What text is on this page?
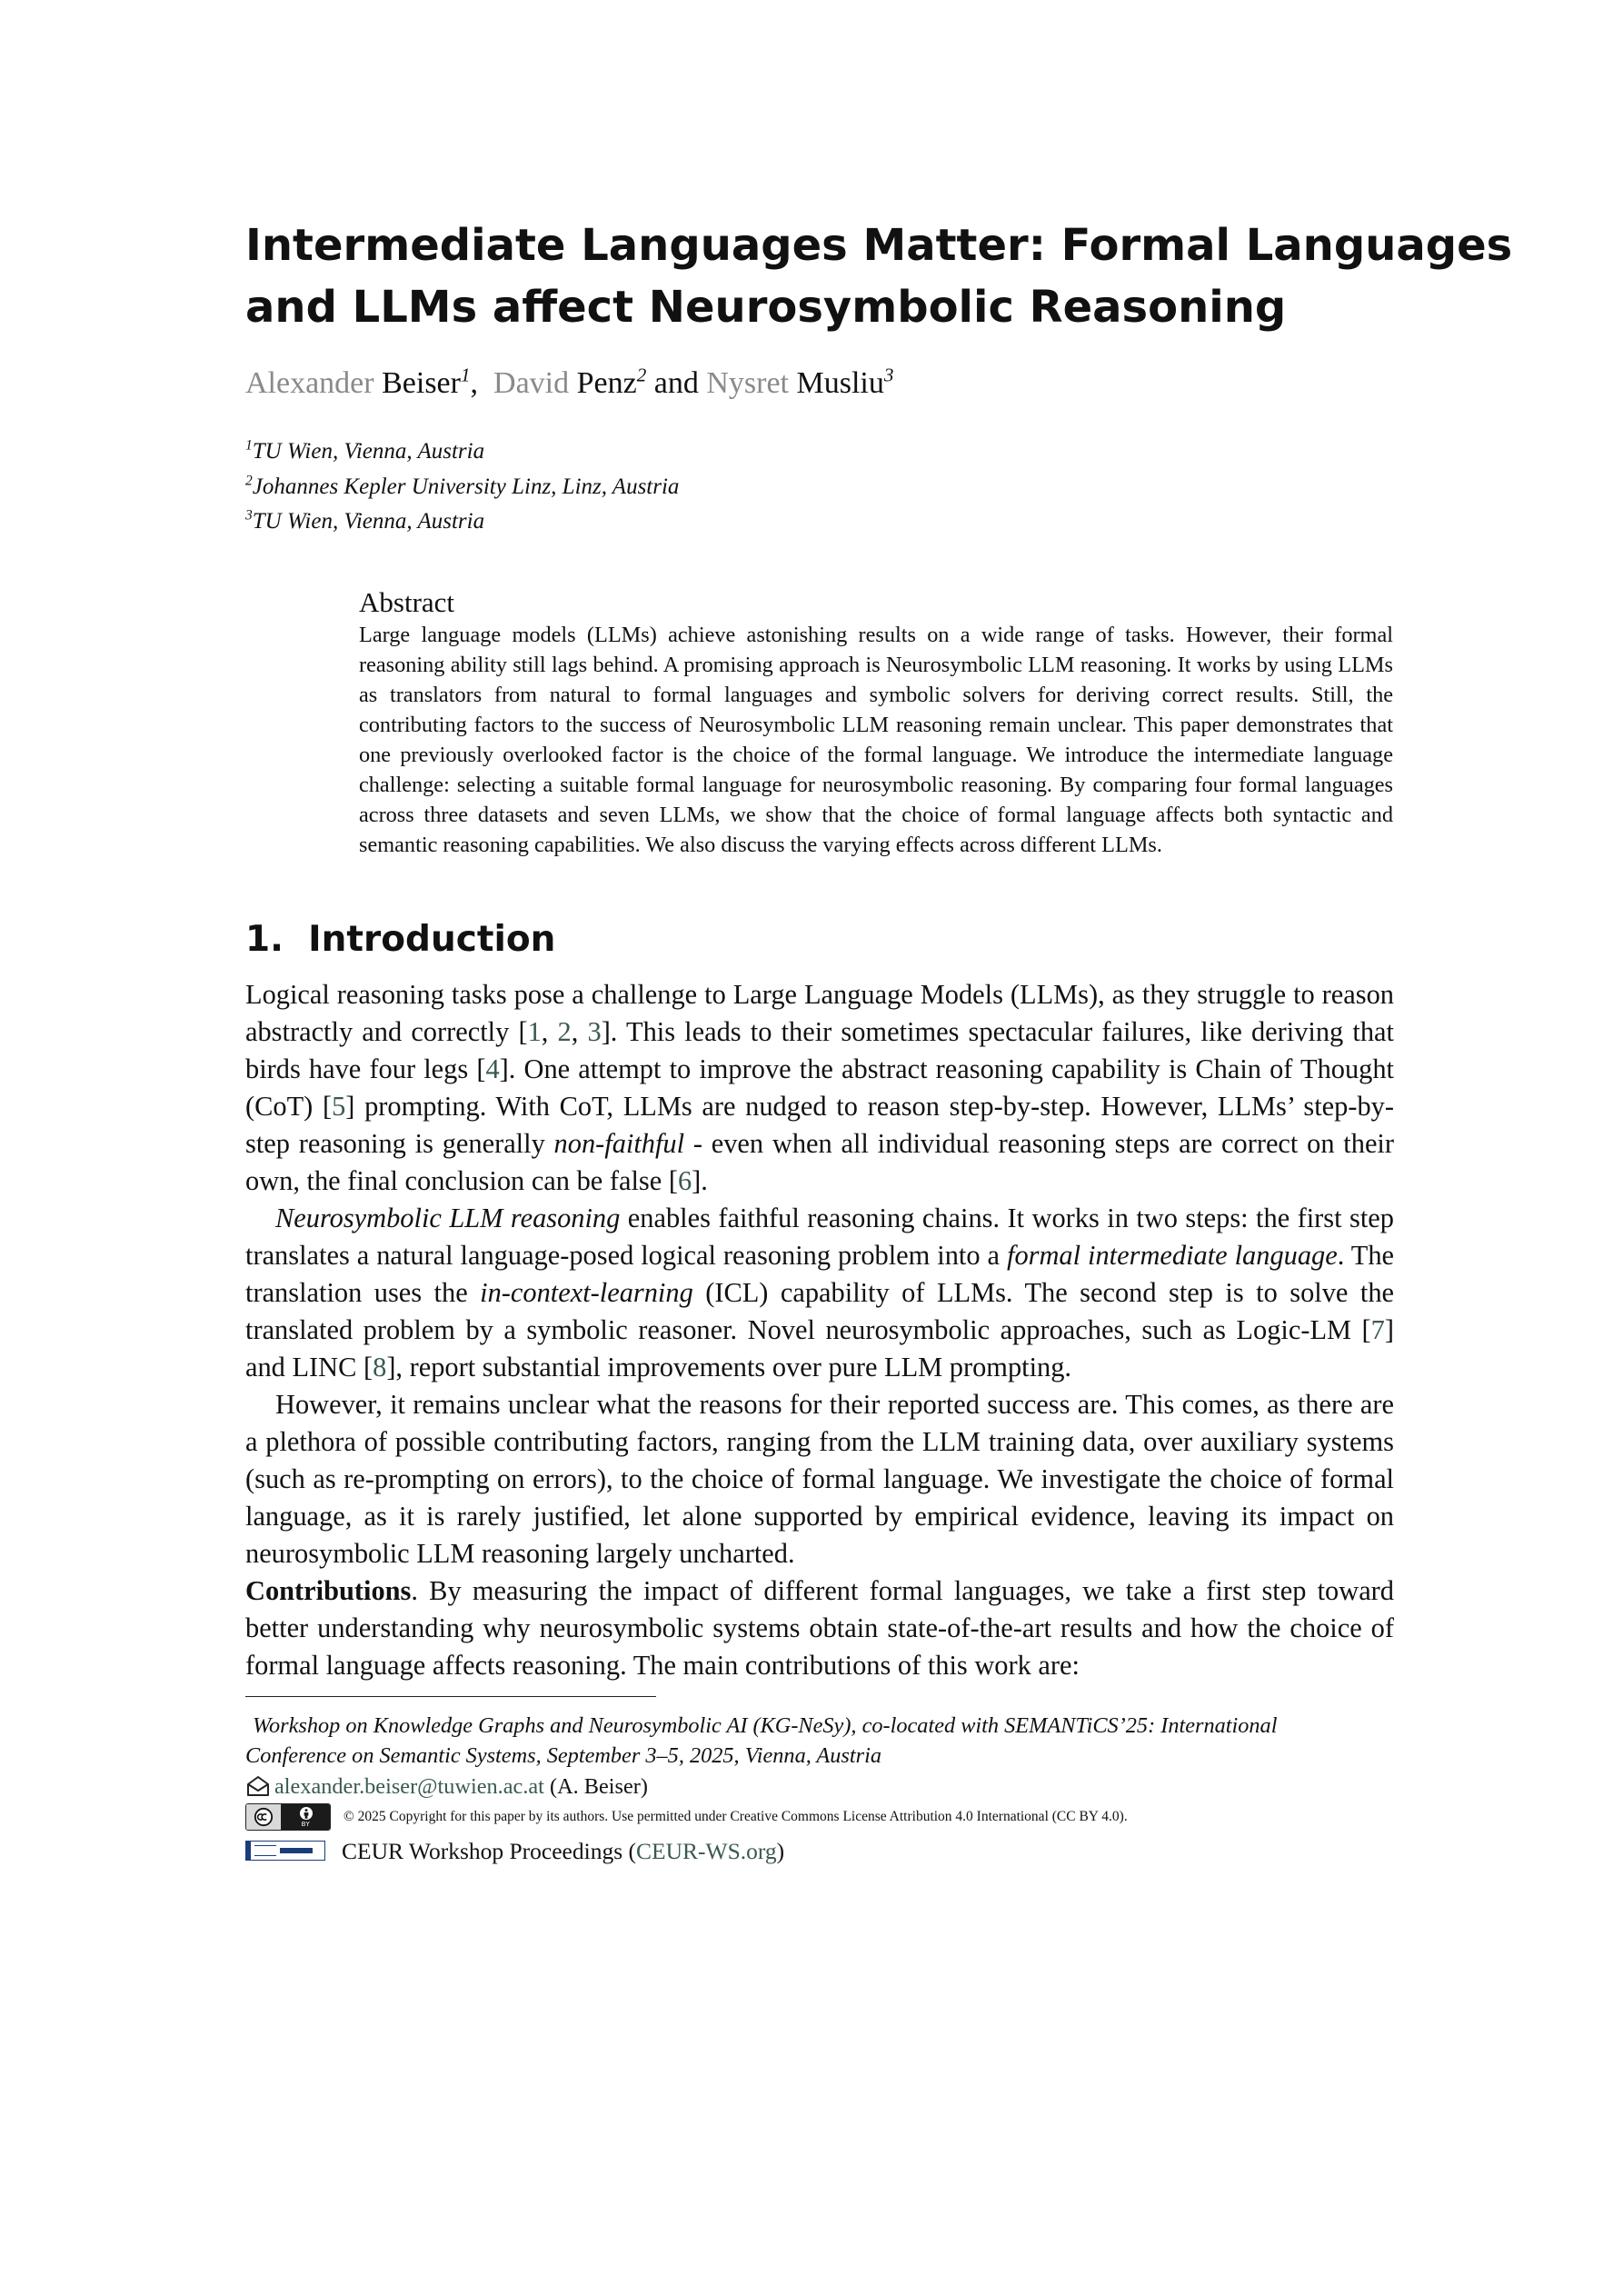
Intermediate Languages Matter: Formal Languages
and LLMs affect Neurosymbolic Reasoning
Alexander Beiser$^1$, David Penz$^2$ and Nysret Musliu$^3$
$^1$TU Wien, Vienna, Austria
$^2$Johannes Kepler University Linz, Linz, Austria
$^3$TU Wien, Vienna, Austria
Abstract

Large language models (LLMs) achieve astonishing results on a wide range of tasks. However, their formal reasoning ability still lags behind. A promising approach is Neurosymbolic LLM reasoning. It works by using LLMs as translators from natural to formal languages and symbolic solvers for deriving correct results. Still, the contributing factors to the success of Neurosymbolic LLM reasoning remain unclear. This paper demonstrates that one previously overlooked factor is the choice of the formal language. We introduce the intermediate language challenge: selecting a suitable formal language for neurosymbolic reasoning. By comparing four formal languages across three datasets and seven LLMs, we show that the choice of formal language affects both syntactic and semantic reasoning capabilities. We also discuss the varying effects across different LLMs.

1. Introduction

Logical reasoning tasks pose a challenge to Large Language Models (LLMs), as they struggle to reason abstractly and correctly [1, 2, 3]. This leads to their sometimes spectacular failures, like deriving that birds have four legs [4]. One attempt to improve the abstract reasoning capability is Chain of Thought (CoT) [5] prompting. With CoT, LLMs are nudged to reason step-by-step. However, LLMs’ step-by-step reasoning is generally non-faithful - even when all individual reasoning steps are correct on their own, the final conclusion can be false [6].

Neurosymbolic LLM reasoning enables faithful reasoning chains. It works in two steps: the first step translates a natural language-posed logical reasoning problem into a formal intermediate language. The translation uses the in-context-learning (ICL) capability of LLMs. The second step is to solve the translated problem by a symbolic reasoner. Novel neurosymbolic approaches, such as Logic-LM [7] and LINC [8], report substantial improvements over pure LLM prompting.

However, it remains unclear what the reasons for their reported success are. This comes, as there are a plethora of possible contributing factors, ranging from the LLM training data, over auxiliary systems (such as re-prompting on errors), to the choice of formal language. We investigate the choice of formal language, as it is rarely justified, let alone supported by empirical evidence, leaving its impact on neurosymbolic LLM reasoning largely uncharted.

Contributions. By measuring the impact of different formal languages, we take a first step toward better understanding why neurosymbolic systems obtain state-of-the-art results and how the choice of formal language affects reasoning. The main contributions of this work are:

Workshop on Knowledge Graphs and Neurosymbolic AI (KG-NeSy), co-located with SEMANTiCS’25: International

Conference on Semantic Systems, September 3–5, 2025, Vienna, Austria

alexander.beiser@tuwien.ac.at
(A. Beiser)
BY © 2025 Copyright for this paper by its authors. Use permitted under Creative Commons License Attribution 4.0 International (CC BY 4.0).
CEUR Workshop Proceedings (CEUR-WS.org)
